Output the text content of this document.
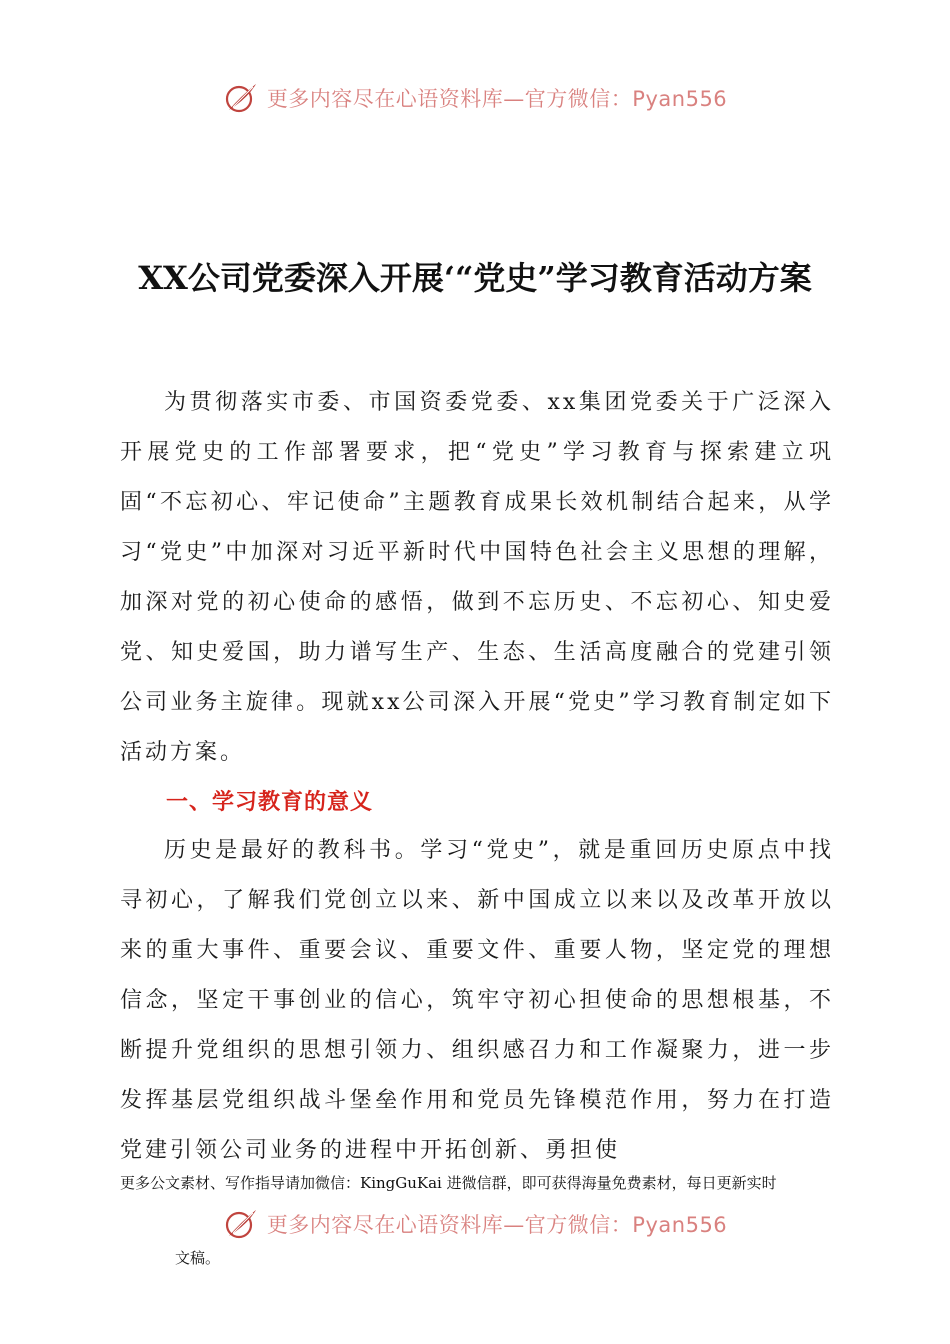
更多内容尽在心语资料库—官方微信：Pyan556
XX公司党委深入开展‘“党史”学习教育活动方案

为贯彻落实市委、市国资委党委、xx集团党委关于广泛深入开展党史的工作部署要求，把“党史”学习教育与探索建立巩固“不忘初心、牢记使命”主题教育成果长效机制结合起来，从学习“党史”中加深对习近平新时代中国特色社会主义思想的理解，加深对党的初心使命的感悟，做到不忘历史、不忘初心、知史爱党、知史爱国，助力谱写生产、生态、生活高度融合的党建引领公司业务主旋律。现就xx公司深入开展“党史”学习教育制定如下活动方案。

一、学习教育的意义

历史是最好的教科书。学习“党史”，就是重回历史原点中找寻初心，了解我们党创立以来、新中国成立以来以及改革开放以来的重大事件、重要会议、重要文件、重要人物，坚定党的理想信念，坚定干事创业的信心，筑牢守初心担使命的思想根基，不断提升党组织的思想引领力、组织感召力和工作凝聚力，进一步发挥基层党组织战斗堡垒作用和党员先锋模范作用，努力在打造党建引领公司业务的进程中开拓创新、勇担使

更多公文素材、写作指导请加微信：KingGuKai 进微信群，即可获得海量免费素材，每日更新实时

更多内容尽在心语资料库—官方微信：Pyan556

文稿。
